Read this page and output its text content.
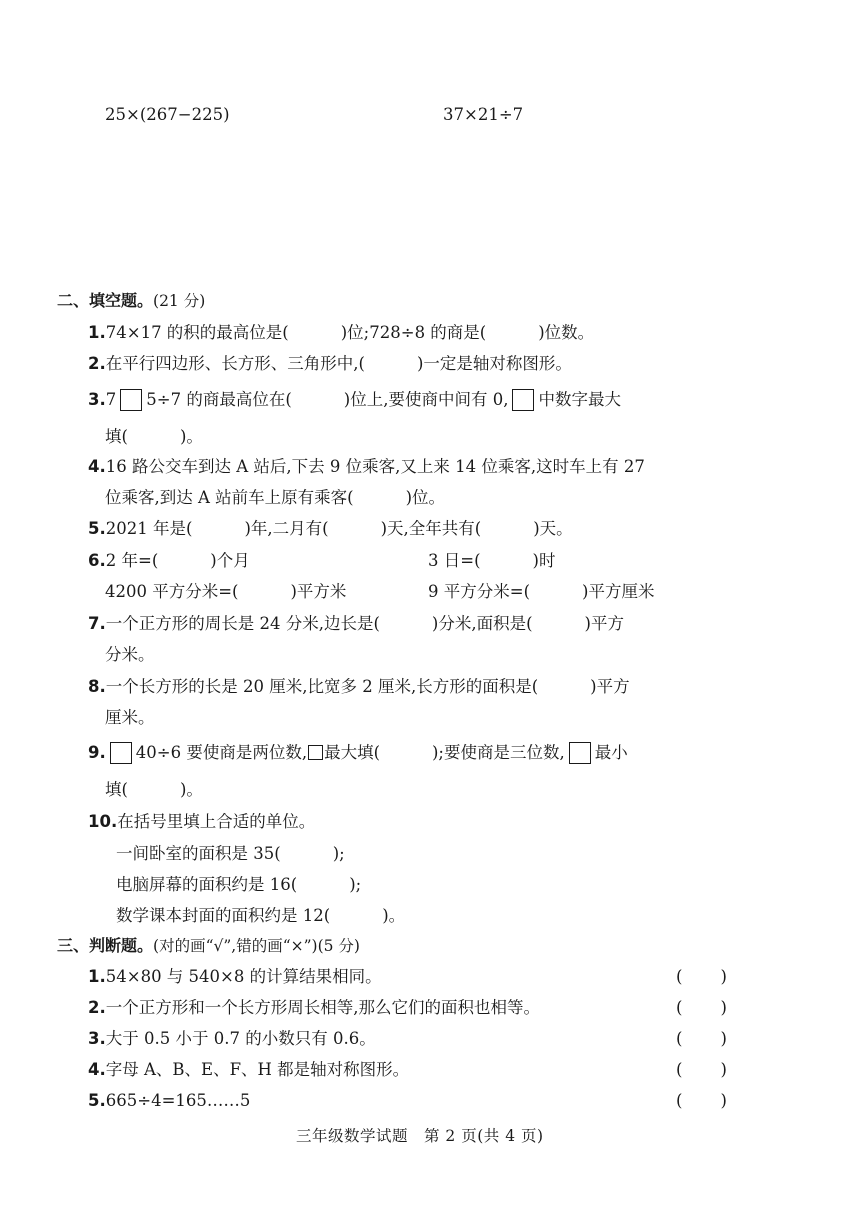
25×(267−225)	37×21÷7
二、填空题。(21 分)
1.74×17 的积的最高位是(	)位;728÷8 的商是(	)位数。
2.在平行四边形、长方形、三角形中,(	)一定是轴对称图形。
3.7 5÷7 的商最高位在(	)位上,要使商中间有 0, 中数字最大
填(	)。
4.16 路公交车到达 A 站后,下去 9 位乘客,又上来 14 位乘客,这时车上有 27
位乘客,到达 A 站前车上原有乘客(	)位。
5.2021 年是(	)年,二月有(	)天,全年共有(	)天。
6.2 年=(	)个月	3 日=(	)时
4200 平方分米=(	)平方米	9 平方分米=(	)平方厘米
7.一个正方形的周长是 24 分米,边长是(	)分米,面积是(	)平方
分米。
8.一个长方形的长是 20 厘米,比宽多 2 厘米,长方形的面积是(	)平方
厘米。
9. 40÷6 要使商是两位数, 最大填(	);要使商是三位数, 最小
填(	)。
10.在括号里填上合适的单位。
一间卧室的面积是 35(	);
电脑屏幕的面积约是 16(	);
数学课本封面的面积约是 12(	)。
三、判断题。(对的画“√”,错的画“×”)(5 分)
1.54×80 与 540×8 的计算结果相同。	( )
2.一个正方形和一个长方形周长相等,那么它们的面积也相等。	( )
3.大于 0.5 小于 0.7 的小数只有 0.6。	( )
4.字母 A、B、E、F、H 都是轴对称图形。	( )
5.665÷4=165……5	( )
三年级数学试题　第 2 页(共 4 页)
